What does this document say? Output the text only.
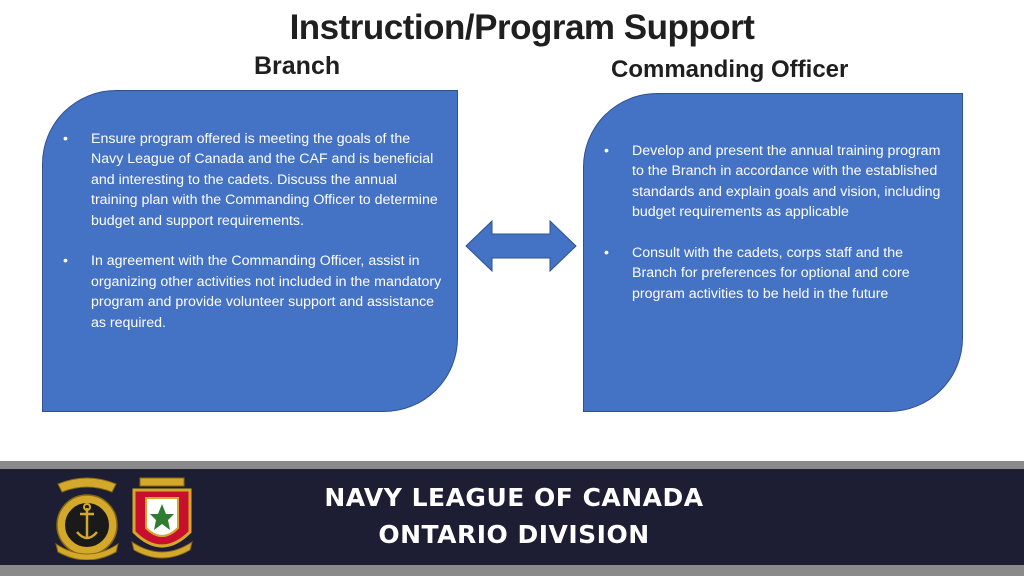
Instruction/Program Support
Branch	Commanding Officer
• Ensure program offered is meeting the goals of the Navy League of Canada and the CAF and is beneficial and interesting to the cadets. Discuss the annual training plan with the Commanding Officer to determine budget and support requirements.
• In agreement with the Commanding Officer, assist in organizing other activities not included in the mandatory program and provide volunteer support and assistance as required.
• Develop and present the annual training program to the Branch in accordance with the established standards and explain goals and vision, including budget requirements as applicable
• Consult with the cadets, corps staff and the Branch for preferences for optional and core program activities to be held in the future
NAVY LEAGUE OF CANADA
ONTARIO DIVISION
